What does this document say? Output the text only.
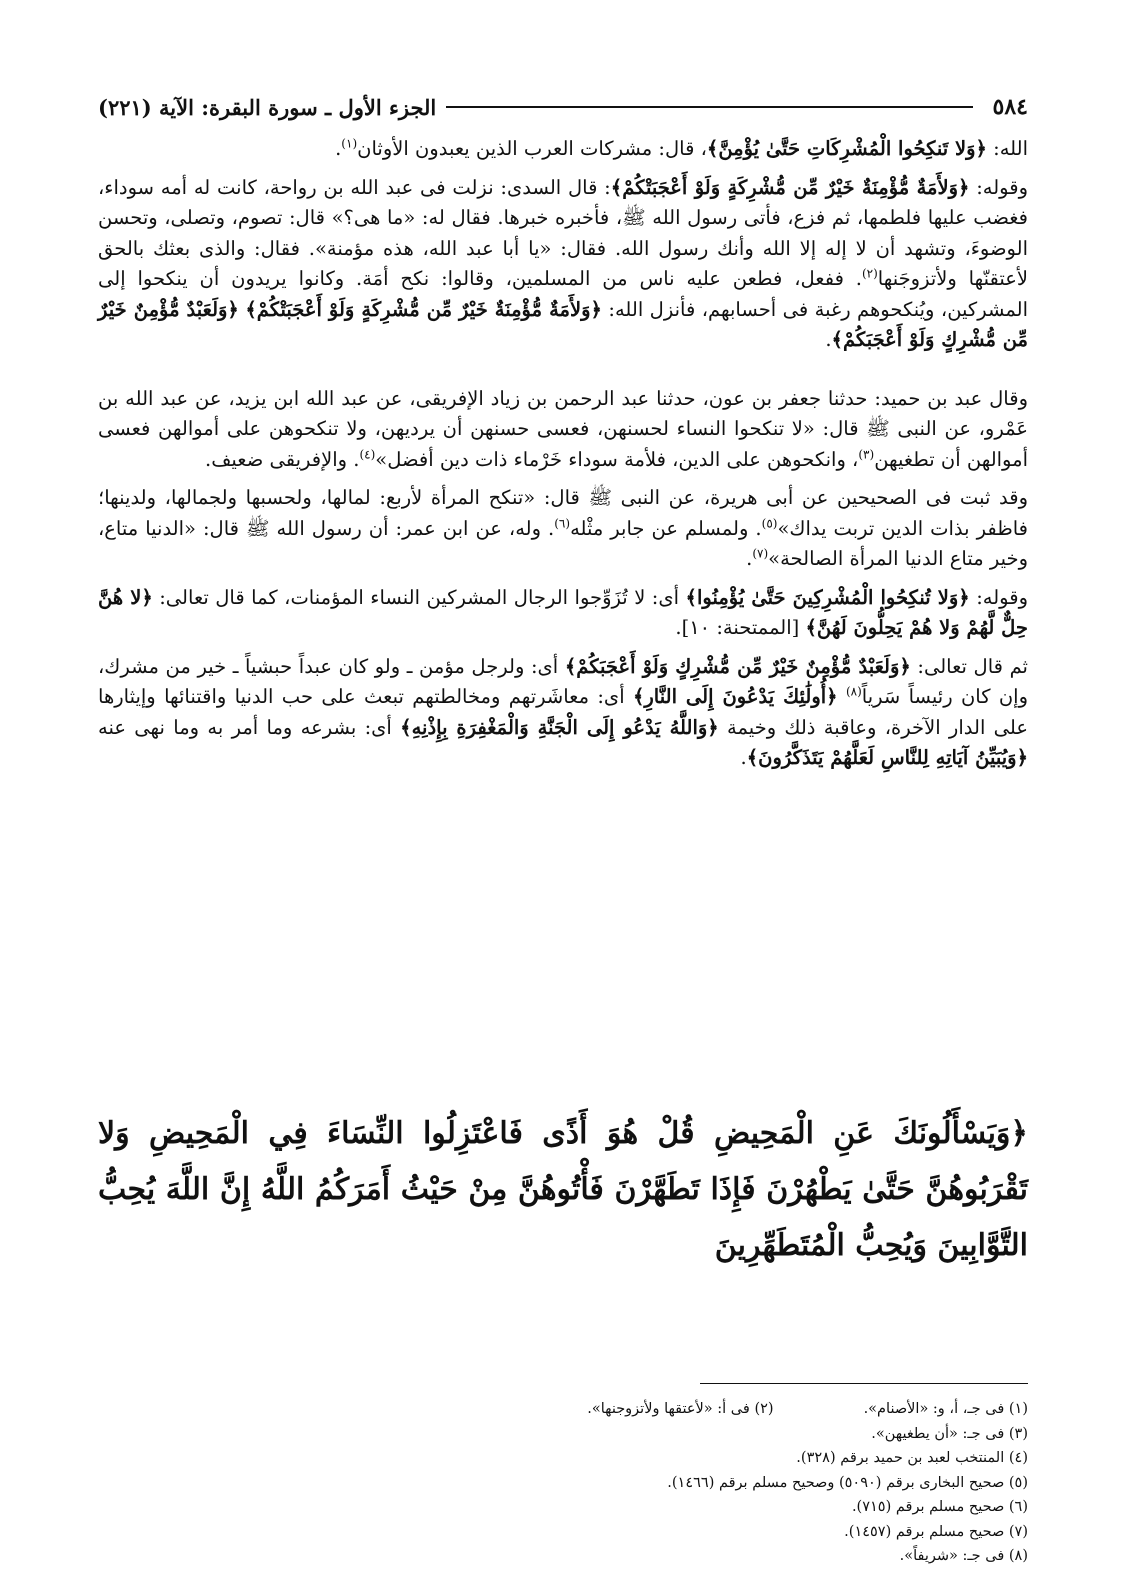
٥٨٤
الجزء الأول ـ سورة البقرة: الآية (٢٢١)

الله: ﴿وَلا تَنكِحُوا الْمُشْرِكَاتِ حَتَّىٰ يُؤْمِنَّ﴾، قال: مشركات العرب الذين يعبدون الأوثان$^{(١)}$.

وقوله: ﴿وَلأَمَةٌ مُّؤْمِنَةٌ خَيْرٌ مِّن مُّشْرِكَةٍ وَلَوْ أَعْجَبَتْكُمْ﴾: قال السدى: نزلت فى عبد الله بن رواحة، كانت له أمه سوداء، فغضب عليها فلطمها، ثم فزع، فأتى رسول الله ﷺ، فأخبره خبرها. فقال له: «ما هى؟» قال: تصوم، وتصلى، وتحسن الوضوءَ، وتشهد أن لا إله إلا الله وأنك رسول الله. فقال: «يا أبا عبد الله، هذه مؤمنة». فقال: والذى بعثك بالحق لأعتقنّها ولأتزوجَنها$^{(٢)}$. ففعل، فطعن عليه ناس من المسلمين، وقالوا: نكح أمَة. وكانوا يريدون أن ينكحوا إلى المشركين، ويُنكحوهم رغبة فى أحسابهم، فأنزل الله: ﴿وَلأَمَةٌ مُّؤْمِنَةٌ خَيْرٌ مِّن مُّشْرِكَةٍ وَلَوْ أَعْجَبَتْكُمْ﴾ ﴿وَلَعَبْدٌ مُّؤْمِنٌ خَيْرٌ مِّن مُّشْرِكٍ وَلَوْ أَعْجَبَكُمْ﴾.

وقال عبد بن حميد: حدثنا جعفر بن عون، حدثنا عبد الرحمن بن زياد الإفريقى، عن عبد الله ابن يزيد، عن عبد الله بن عَمْرو، عن النبى ﷺ قال: «لا تنكحوا النساء لحسنهن، فعسى حسنهن أن يرديهن، ولا تنكحوهن على أموالهن فعسى أموالهن أن تطغيهن$^{(٣)}$، وانكحوهن على الدين، فلأمة سوداء خَرْماء ذات دين أفضل»$^{(٤)}$. والإفريقى ضعيف.

وقد ثبت فى الصحيحين عن أبى هريرة، عن النبى ﷺ قال: «تنكح المرأة لأربع: لمالها، ولحسبها ولجمالها، ولدينها؛ فاظفر بذات الدين تربت يداك»$^{(٥)}$. ولمسلم عن جابر مثْله$^{(٦)}$. وله، عن ابن عمر: أن رسول الله ﷺ قال: «الدنيا متاع، وخير متاع الدنيا المرأة الصالحة»$^{(٧)}$.

وقوله: ﴿وَلا تُنكِحُوا الْمُشْرِكِينَ حَتَّىٰ يُؤْمِنُوا﴾ أى: لا تُزَوِّجوا الرجال المشركين النساء المؤمنات، كما قال تعالى: ﴿لا هُنَّ حِلٌّ لَّهُمْ وَلا هُمْ يَحِلُّونَ لَهُنَّ﴾ [الممتحنة: ١٠].

ثم قال تعالى: ﴿وَلَعَبْدٌ مُّؤْمِنٌ خَيْرٌ مِّن مُّشْرِكٍ وَلَوْ أَعْجَبَكُمْ﴾ أى: ولرجل مؤمن ـ ولو كان عبداً حبشياً ـ خير من مشرك، وإن كان رئيساً سَرياً$^{(٨)}$ ﴿أُولَٰئِكَ يَدْعُونَ إِلَى النَّارِ﴾ أى: معاشَرتهم ومخالطتهم تبعث على حب الدنيا واقتنائها وإيثارها على الدار الآخرة، وعاقبة ذلك وخيمة ﴿وَاللَّهُ يَدْعُو إِلَى الْجَنَّةِ وَالْمَغْفِرَةِ بِإِذْنِهِ﴾ أى: بشرعه وما أمر به وما نهى عنه ﴿وَيُبَيِّنُ آيَاتِهِ لِلنَّاسِ لَعَلَّهُمْ يَتَذَكَّرُونَ﴾.

﴿وَيَسْأَلُونَكَ عَنِ الْمَحِيضِ قُلْ هُوَ أَذًى فَاعْتَزِلُوا النِّسَاءَ فِي الْمَحِيضِ وَلا تَقْرَبُوهُنَّ حَتَّىٰ يَطْهُرْنَ فَإِذَا تَطَهَّرْنَ فَأْتُوهُنَّ مِنْ حَيْثُ أَمَرَكُمُ اللَّهُ إِنَّ اللَّهَ يُحِبُّ التَّوَّابِينَ وَيُحِبُّ الْمُتَطَهِّرِينَ
(١) فى جـ، أ، و: «الأصنام».
(٢) فى أ: «لأعتقها ولأتزوجنها».
(٣) فى جـ: «أن يطغيهن».
(٤) المنتخب لعبد بن حميد برقم (٣٢٨).
(٥) صحيح البخارى برقم (٥٠٩٠) وصحيح مسلم برقم (١٤٦٦).
(٦) صحيح مسلم برقم (٧١٥).
(٧) صحيح مسلم برقم (١٤٥٧).
(٨) فى جـ: «شريفاً».
